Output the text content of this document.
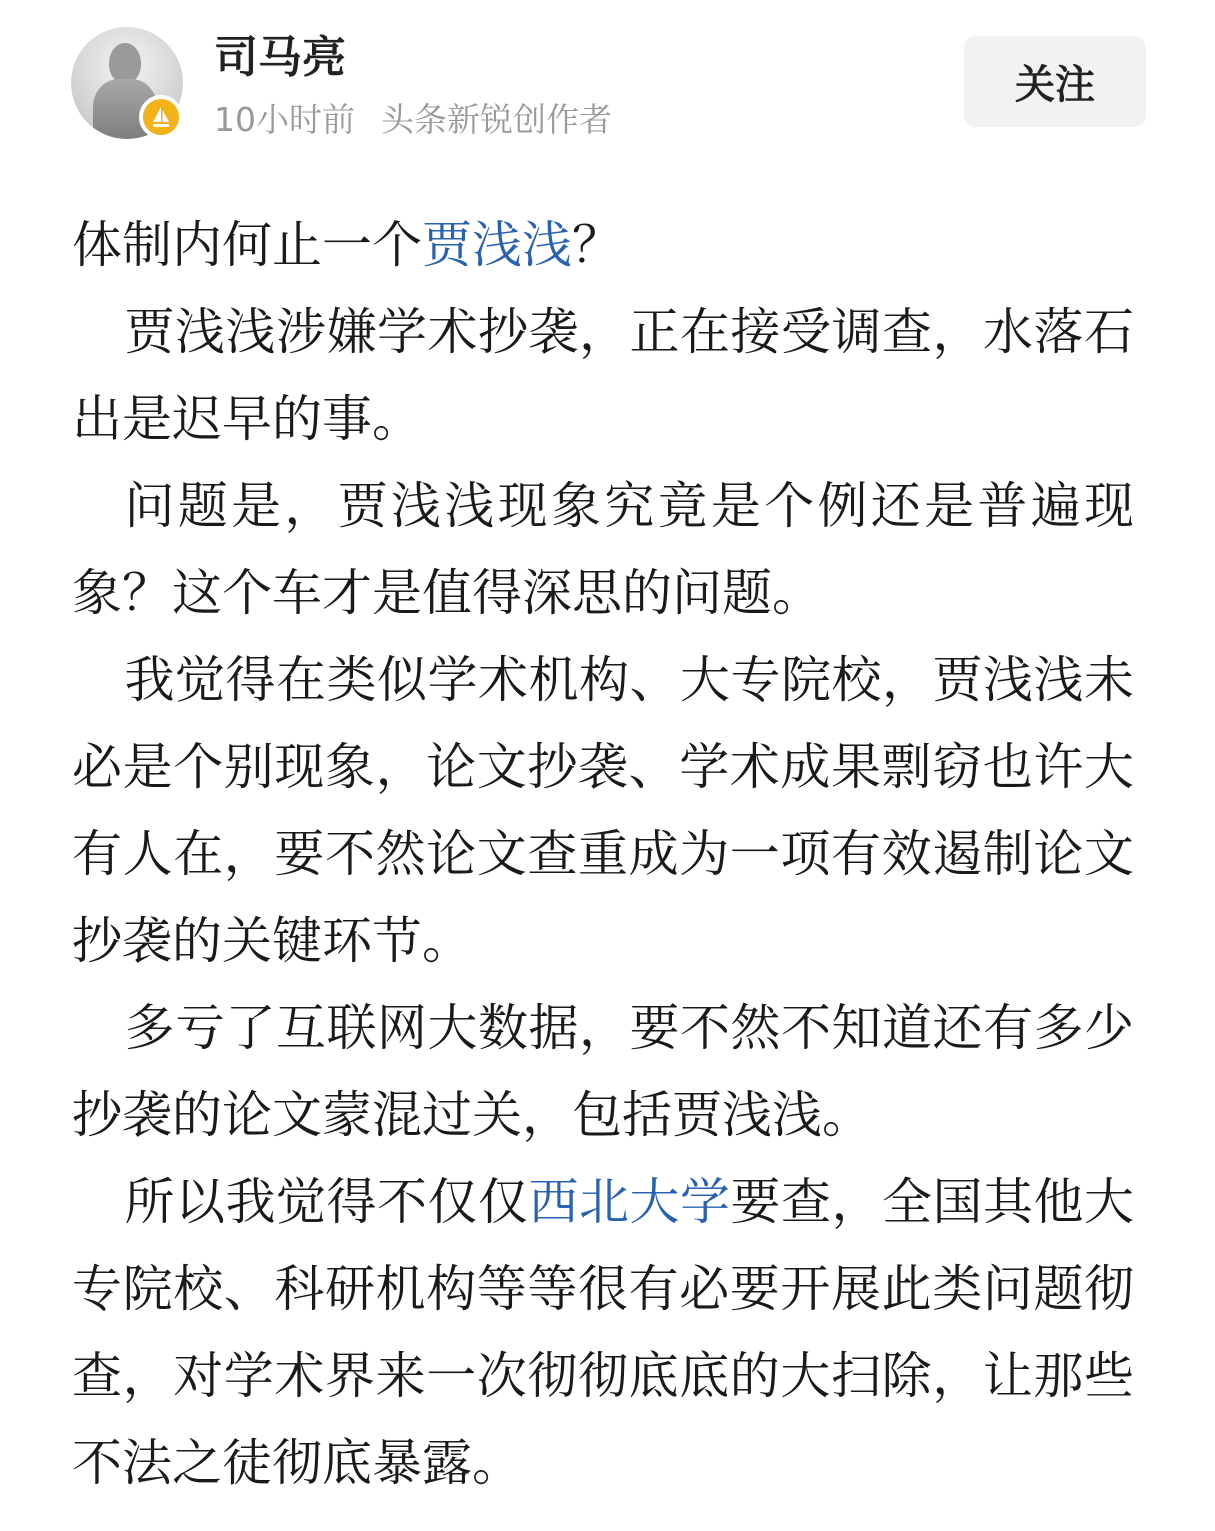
司马亮
10小时前 头条新锐创作者
关注
体制内何止一个贾浅浅？

贾浅浅涉嫌学术抄袭，正在接受调查，水落石出是迟早的事。

问题是，贾浅浅现象究竟是个例还是普遍现象？这个车才是值得深思的问题。

我觉得在类似学术机构、大专院校，贾浅浅未必是个别现象，论文抄袭、学术成果剽窃也许大有人在，要不然论文查重成为一项有效遏制论文抄袭的关键环节。

多亏了互联网大数据，要不然不知道还有多少抄袭的论文蒙混过关，包括贾浅浅。

所以我觉得不仅仅西北大学要查，全国其他大专院校、科研机构等等很有必要开展此类问题彻查，对学术界来一次彻彻底底的大扫除，让那些不法之徒彻底暴露。
